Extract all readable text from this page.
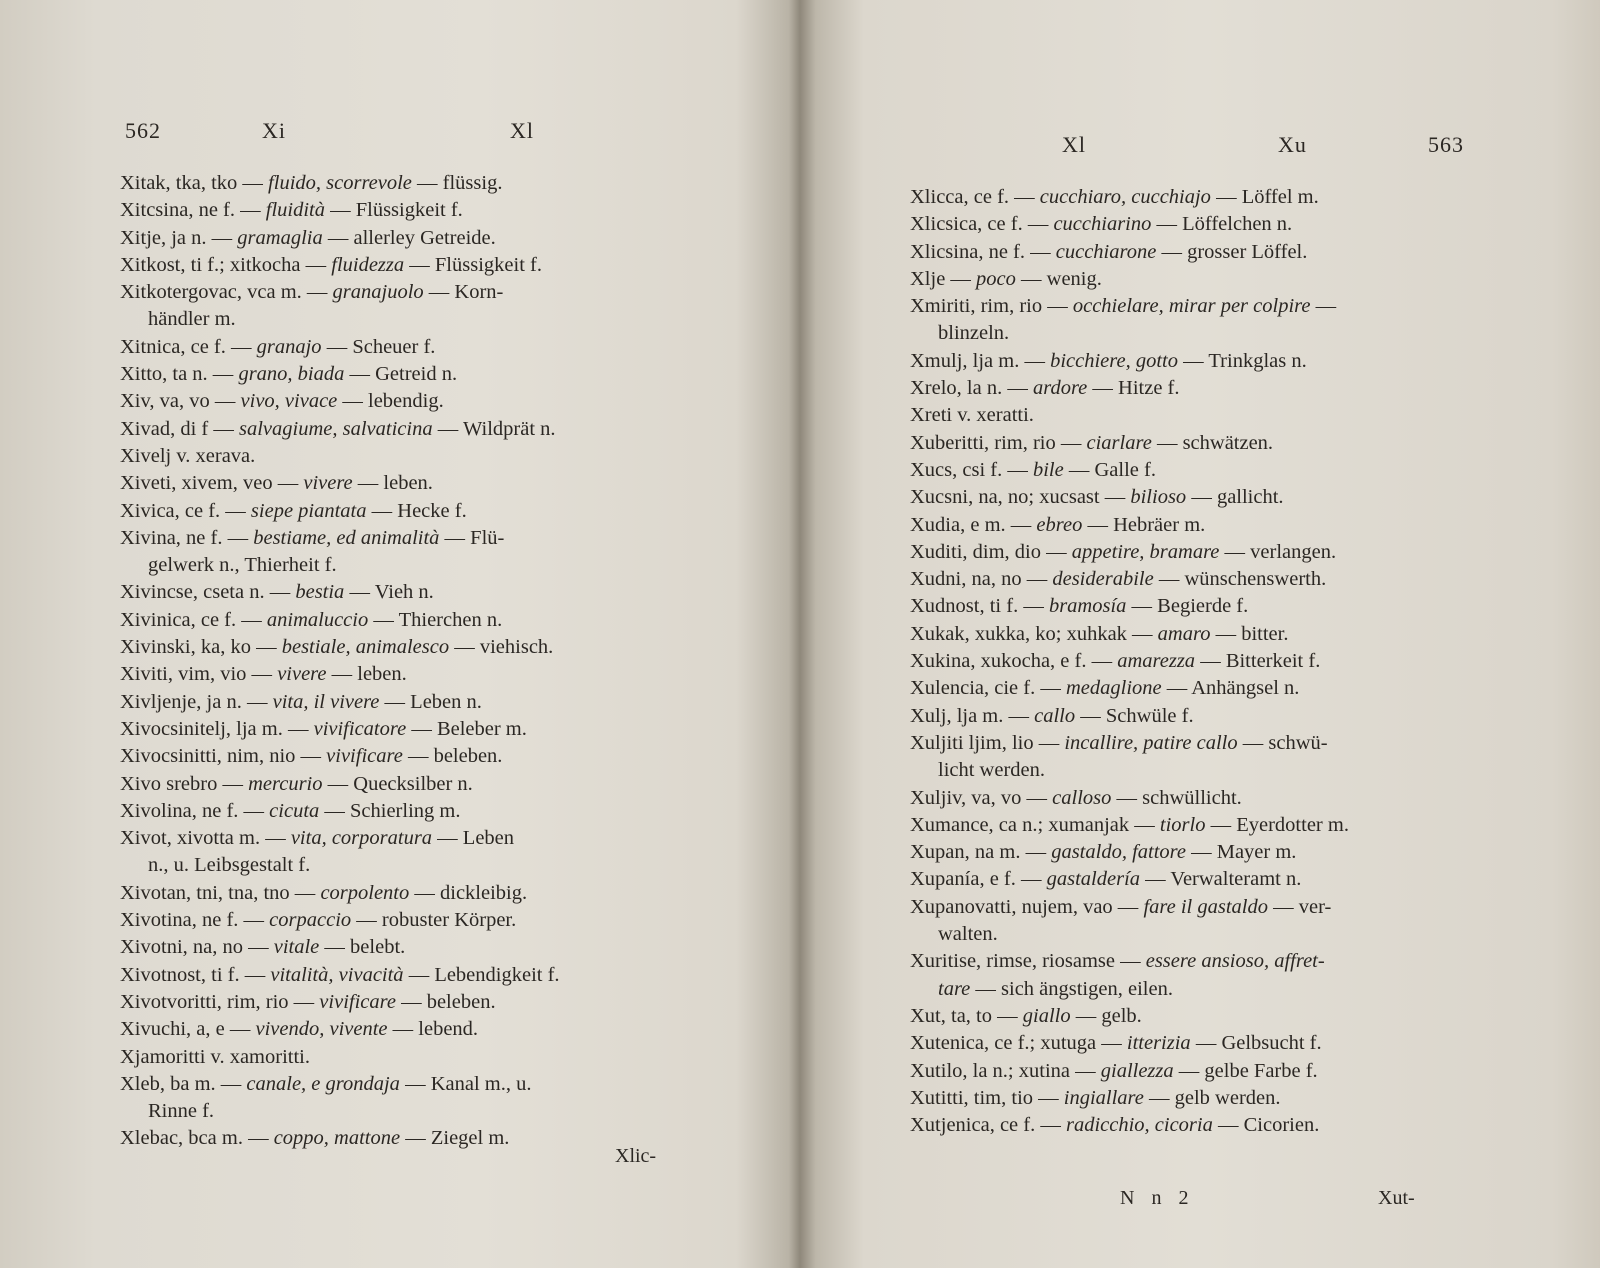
562	Xi	Xl
Xitak, tka, tko — fluido, scorrevole — flüssig.
Xitcsina, ne f. — fluidità — Flüssigkeit f.
Xitje, ja n. — gramaglia — allerley Getreide.
Xitkost, ti f.; xitkocha — fluidezza — Flüssigkeit f.
Xitkotergovac, vca m. — granajuolo — Korn-
händler m.
Xitnica, ce f. — granajo — Scheuer f.
Xitto, ta n. — grano, biada — Getreid n.
Xiv, va, vo — vivo, vivace — lebendig.
Xivad, di f — salvagiume, salvaticina — Wildprät n.
Xivelj v. xerava.
Xiveti, xivem, veo — vivere — leben.
Xivica, ce f. — siepe piantata — Hecke f.
Xivina, ne f. — bestiame, ed animalità — Flü-
gelwerk n., Thierheit f.
Xivincse, cseta n. — bestia — Vieh n.
Xivinica, ce f. — animaluccio — Thierchen n.
Xivinski, ka, ko — bestiale, animalesco — viehisch.
Xiviti, vim, vio — vivere — leben.
Xivljenje, ja n. — vita, il vivere — Leben n.
Xivocsinitelj, lja m. — vivificatore — Beleber m.
Xivocsinitti, nim, nio — vivificare — beleben.
Xivo srebro — mercurio — Quecksilber n.
Xivolina, ne f. — cicuta — Schierling m.
Xivot, xivotta m. — vita, corporatura — Leben
n., u. Leibsgestalt f.
Xivotan, tni, tna, tno — corpolento — dickleibig.
Xivotina, ne f. — corpaccio — robuster Körper.
Xivotni, na, no — vitale — belebt.
Xivotnost, ti f. — vitalità, vivacità — Lebendigkeit f.
Xivotvoritti, rim, rio — vivificare — beleben.
Xivuchi, a, e — vivendo, vivente — lebend.
Xjamoritti v. xamoritti.
Xleb, ba m. — canale, e grondaja — Kanal m., u.
Rinne f.
Xlebac, bca m. — coppo, mattone — Ziegel m.
Xlic-
Xl	Xu	563
Xlicca, ce f. — cucchiaro, cucchiajo — Löffel m.
Xlicsica, ce f. — cucchiarino — Löffelchen n.
Xlicsina, ne f. — cucchiarone — grosser Löffel.
Xlje — poco — wenig.
Xmiriti, rim, rio — occhielare, mirar per colpire —
blinzeln.
Xmulj, lja m. — bicchiere, gotto — Trinkglas n.
Xrelo, la n. — ardore — Hitze f.
Xreti v. xeratti.
Xuberitti, rim, rio — ciarlare — schwätzen.
Xucs, csi f. — bile — Galle f.
Xucsni, na, no; xucsast — bilioso — gallicht.
Xudia, e m. — ebreo — Hebräer m.
Xuditi, dim, dio — appetire, bramare — verlangen.
Xudni, na, no — desiderabile — wünschenswerth.
Xudnost, ti f. — bramosía — Begierde f.
Xukak, xukka, ko; xuhkak — amaro — bitter.
Xukina, xukocha, e f. — amarezza — Bitterkeit f.
Xulencia, cie f. — medaglione — Anhängsel n.
Xulj, lja m. — callo — Schwüle f.
Xuljiti ljim, lio — incallire, patire callo — schwü-
licht werden.
Xuljiv, va, vo — calloso — schwüllicht.
Xumance, ca n.; xumanjak — tiorlo — Eyerdotter m.
Xupan, na m. — gastaldo, fattore — Mayer m.
Xupanía, e f. — gastaldería — Verwalteramt n.
Xupanovatti, nujem, vao — fare il gastaldo — ver-
walten.
Xuritise, rimse, riosamse — essere ansioso, affret-
tare — sich ängstigen, eilen.
Xut, ta, to — giallo — gelb.
Xutenica, ce f.; xutuga — itterizia — Gelbsucht f.
Xutilo, la n.; xutina — giallezza — gelbe Farbe f.
Xutitti, tim, tio — ingiallare — gelb werden.
Xutjenica, ce f. — radicchio, cicoria — Cicorien.
N n 2	Xut-
